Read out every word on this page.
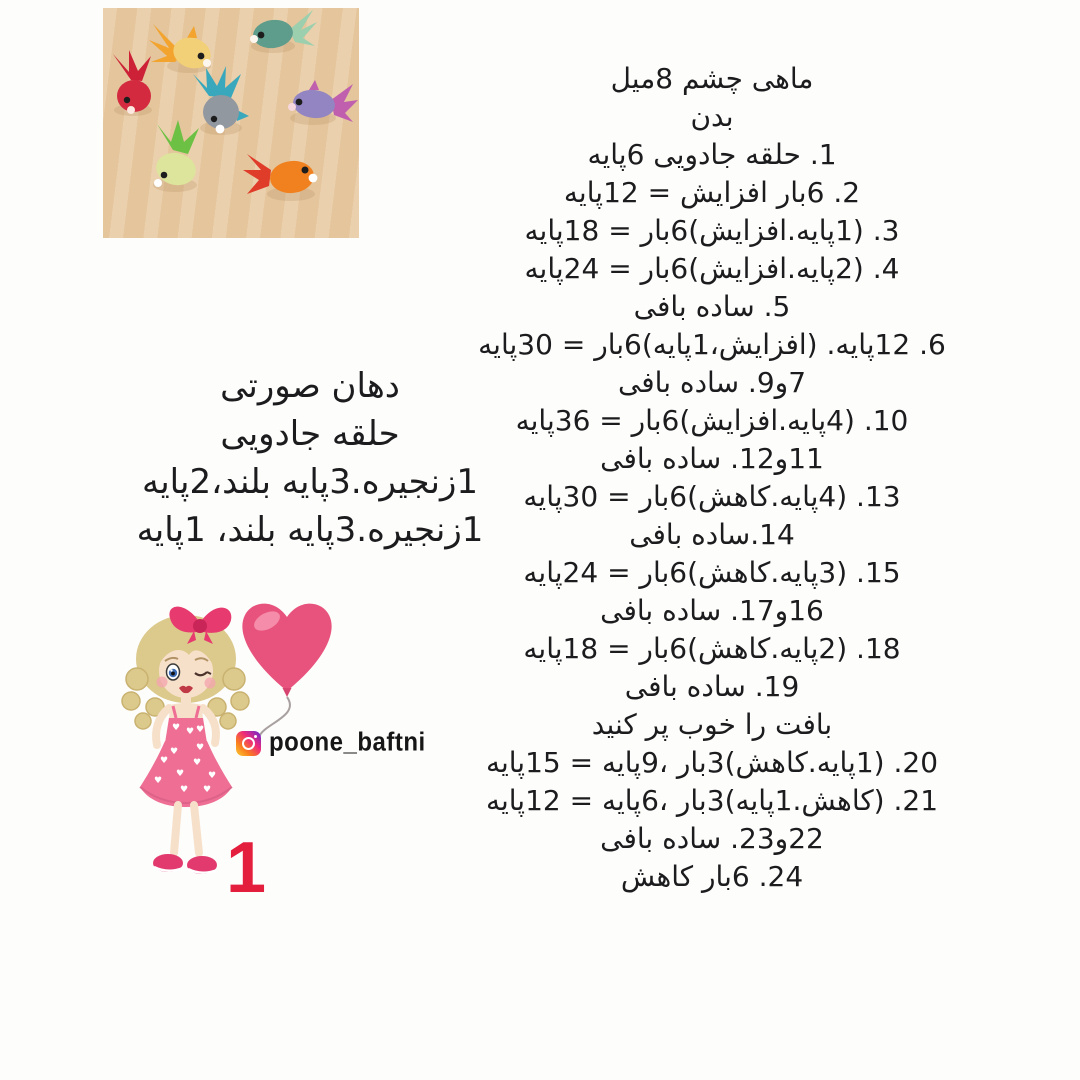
ماهی چشم 8میل
بدن
1. حلقه جادویی 6پایه
2. 6بار افزایش = 12پایه
3. (1پایه.افزایش)6بار = 18پایه
4. (2پایه.افزایش)6بار = 24پایه
5. ساده بافی
6. 12پایه. (افزایش،1پایه)6بار = 30پایه
7و9. ساده بافی
10. (4پایه.افزایش)6بار = 36پایه
11و12. ساده بافی
13. (4پایه.کاهش)6بار = 30پایه
14.ساده بافی
15. (3پایه.کاهش)6بار = 24پایه
16و17. ساده بافی
18. (2پایه.کاهش)6بار = 18پایه
19. ساده بافی
بافت را خوب پر کنید
20. (1پایه.کاهش)3بار ،9پایه = 15پایه
21. (کاهش.1پایه)3بار ،6پایه = 12پایه
22و23. ساده بافی
24. 6بار کاهش
دهان صورتی
حلقه جادویی
1زنجیره.3پایه بلند،2پایه
1زنجیره.3پایه بلند، 1پایه
♥
♥
♥
♥
♥ ♥
♥
♥
♥
♥
♥ ♥	poone_baftni
1
